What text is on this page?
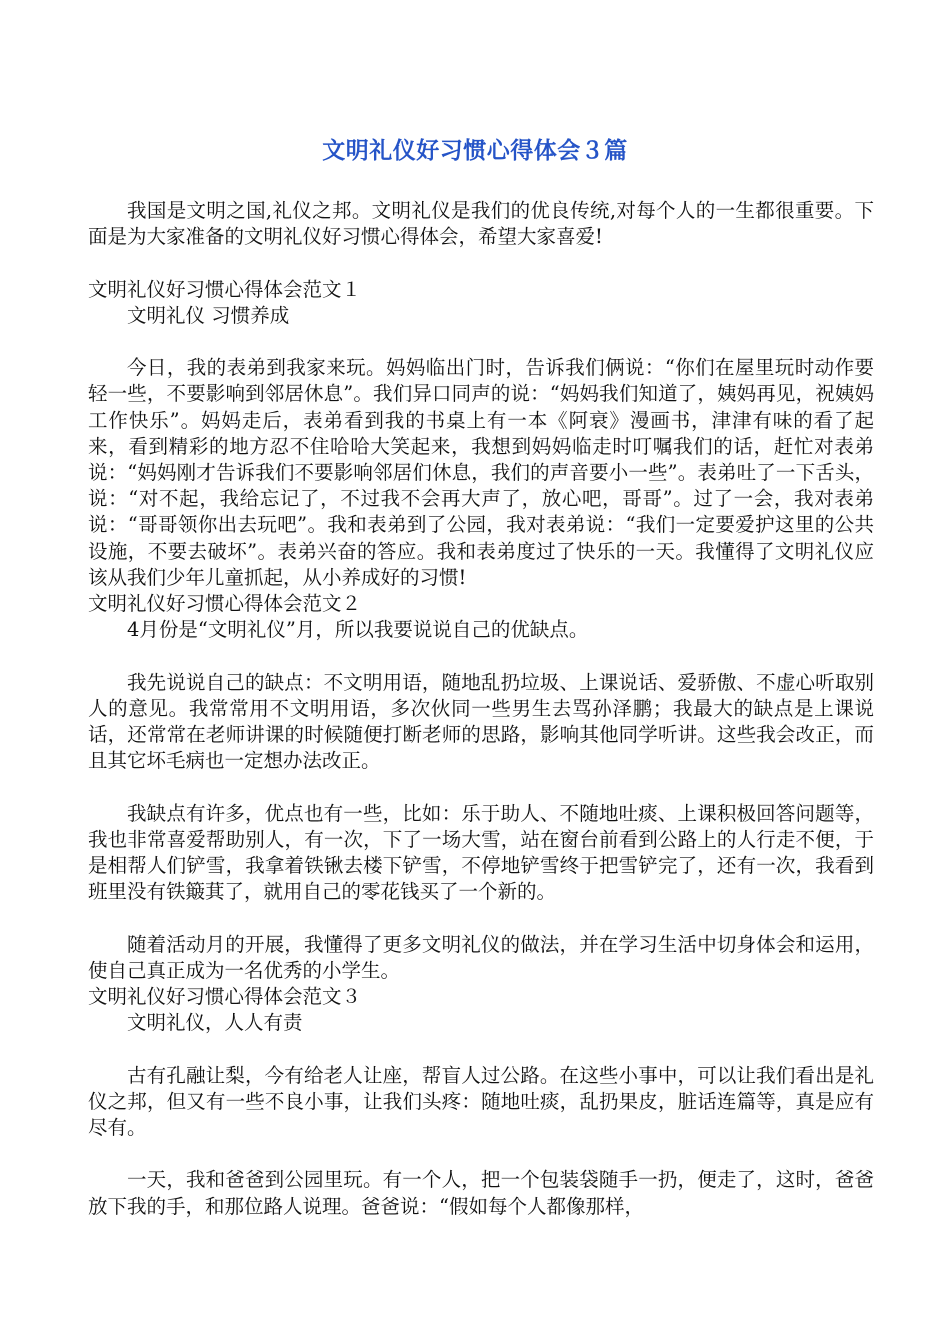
文明礼仪好习惯心得体会３篇
我国是文明之国,礼仪之邦。文明礼仪是我们的优良传统,对每个人的一生都很重要。下面是为大家准备的文明礼仪好习惯心得体会，希望大家喜爱!
文明礼仪好习惯心得体会范文１
文明礼仪 习惯养成
今日，我的表弟到我家来玩。妈妈临出门时，告诉我们俩说：“你们在屋里玩时动作要轻一些，不要影响到邻居休息”。我们异口同声的说：“妈妈我们知道了，姨妈再见，祝姨妈工作快乐”。妈妈走后，表弟看到我的书桌上有一本《阿衰》漫画书，津津有味的看了起来，看到精彩的地方忍不住哈哈大笑起来，我想到妈妈临走时叮嘱我们的话，赶忙对表弟说：“妈妈刚才告诉我们不要影响邻居们休息，我们的声音要小一些”。表弟吐了一下舌头，说：“对不起，我给忘记了，不过我不会再大声了，放心吧，哥哥”。过了一会，我对表弟说：“哥哥领你出去玩吧”。我和表弟到了公园，我对表弟说：“我们一定要爱护这里的公共设施，不要去破坏”。表弟兴奋的答应。我和表弟度过了快乐的一天。我懂得了文明礼仪应该从我们少年儿童抓起，从小养成好的习惯!
文明礼仪好习惯心得体会范文２
4月份是“文明礼仪”月，所以我要说说自己的优缺点。
我先说说自己的缺点：不文明用语，随地乱扔垃圾、上课说话、爱骄傲、不虚心听取别人的意见。我常常用不文明用语，多次伙同一些男生去骂孙泽鹏；我最大的缺点是上课说话，还常常在老师讲课的时候随便打断老师的思路，影响其他同学听讲。这些我会改正，而且其它坏毛病也一定想办法改正。
我缺点有许多，优点也有一些，比如：乐于助人、不随地吐痰、上课积极回答问题等，我也非常喜爱帮助别人，有一次，下了一场大雪，站在窗台前看到公路上的人行走不便，于是相帮人们铲雪，我拿着铁锹去楼下铲雪，不停地铲雪终于把雪铲完了，还有一次，我看到班里没有铁簸萁了，就用自己的零花钱买了一个新的。
随着活动月的开展，我懂得了更多文明礼仪的做法，并在学习生活中切身体会和运用，使自己真正成为一名优秀的小学生。
文明礼仪好习惯心得体会范文３
文明礼仪，人人有责
古有孔融让梨，今有给老人让座，帮盲人过公路。在这些小事中，可以让我们看出是礼仪之邦，但又有一些不良小事，让我们头疼：随地吐痰，乱扔果皮，脏话连篇等，真是应有尽有。
一天，我和爸爸到公园里玩。有一个人，把一个包装袋随手一扔，便走了，这时，爸爸放下我的手，和那位路人说理。爸爸说：“假如每个人都像那样，
